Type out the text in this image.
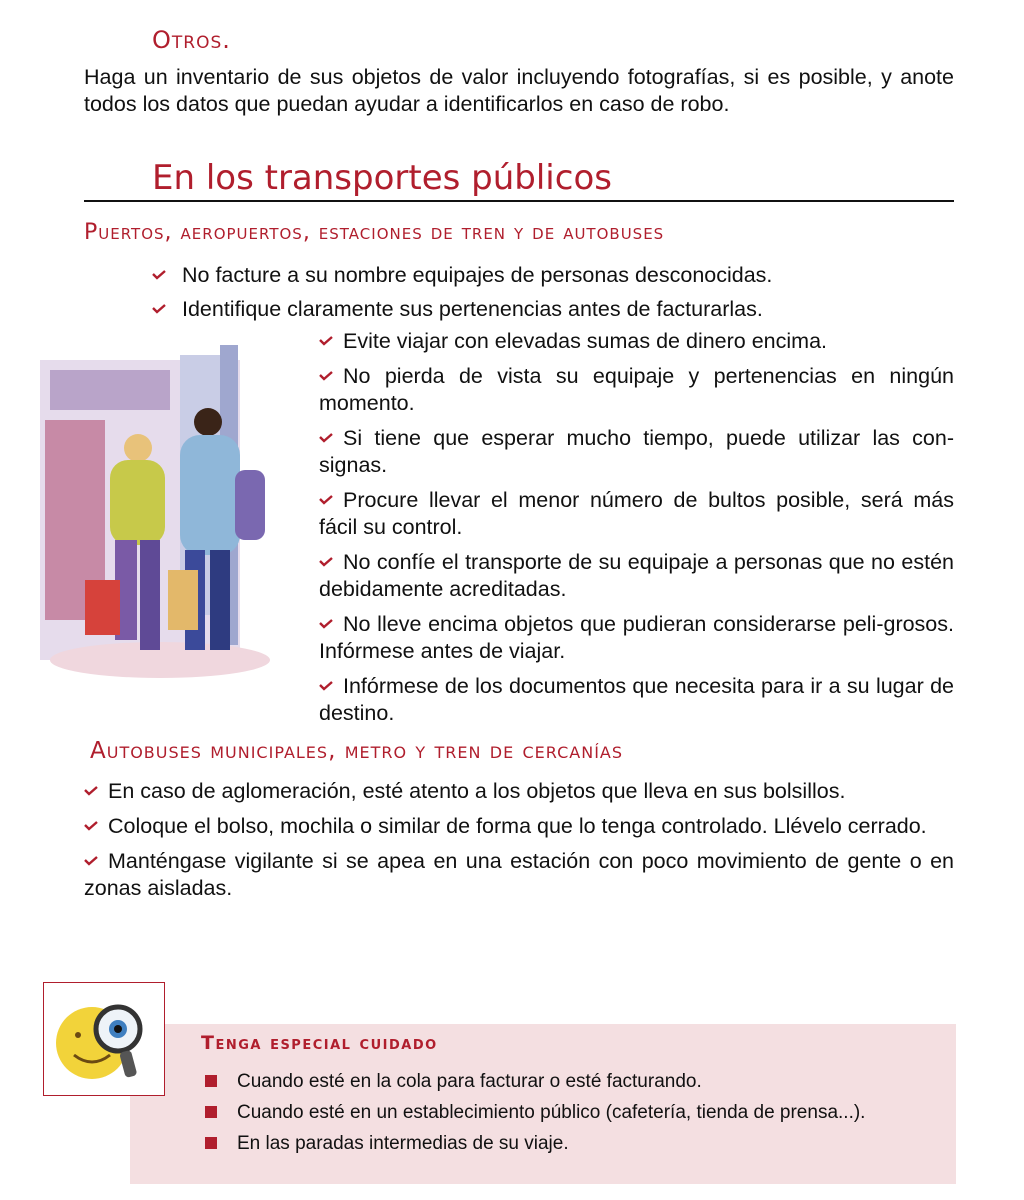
Otros.
Haga un inventario de sus objetos de valor incluyendo fotografías, si es posible, y anote todos los datos que puedan ayudar a identificarlos en caso de robo.
En los transportes públicos
Puertos, aeropuertos, estaciones de tren y de autobuses
No facture a su nombre equipajes de personas desconocidas.
Identifique claramente sus pertenencias antes de facturarlas.
Evite viajar con elevadas sumas de dinero encima.
No pierda de vista su equipaje y pertenencias en ningún momento.
Si tiene que esperar mucho tiempo, puede utilizar las con-signas.
Procure llevar el menor número de bultos posible, será más fácil su control.
No confíe el transporte de su equipaje a personas que no estén debidamente acreditadas.
No lleve encima objetos que pudieran considerarse peli-grosos. Infórmese antes de viajar.
Infórmese de los documentos que necesita para ir a su lugar de destino.
Autobuses municipales, metro y tren de cercanías
En caso de aglomeración, esté atento a los objetos que lleva en sus bolsillos.
Coloque el bolso, mochila o similar de forma que lo tenga controlado. Llévelo cerrado.
Manténgase vigilante si se apea en una estación con poco movimiento de gente o en zonas aisladas.
Tenga especial cuidado
Cuando esté en la cola para facturar o esté facturando.
Cuando esté en un establecimiento público (cafetería, tienda de prensa...).
En las paradas intermedias de su viaje.
